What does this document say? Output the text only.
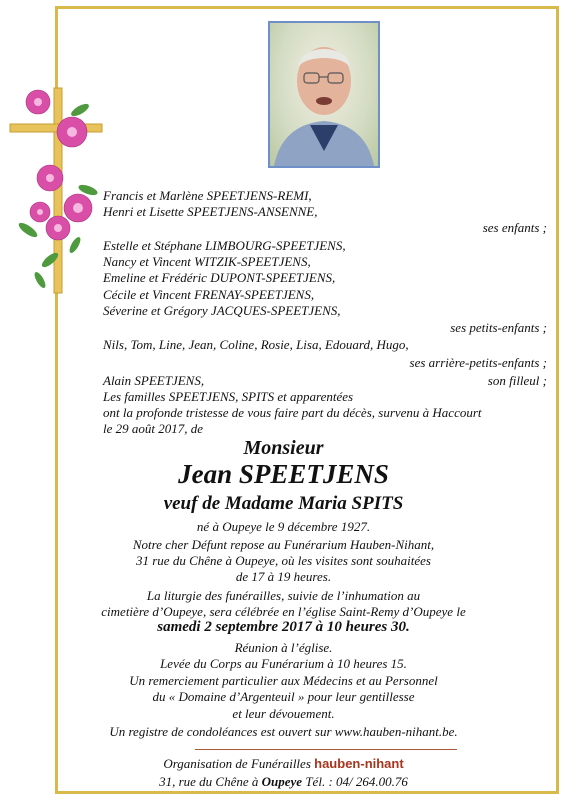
Francis et Marlène SPEETJENS-REMI,
Henri et Lisette SPEETJENS-ANSENNE,
ses enfants ;
Estelle et Stéphane LIMBOURG-SPEETJENS,
Nancy et Vincent WITZIK-SPEETJENS,
Emeline et Frédéric DUPONT-SPEETJENS,
Cécile et Vincent FRENAY-SPEETJENS,
Séverine et Grégory JACQUES-SPEETJENS,
ses petits-enfants ;
Nils, Tom, Line, Jean, Coline, Rosie, Lisa, Edouard, Hugo,
ses arrière-petits-enfants ;
Alain SPEETJENS,	son filleul ;
Les familles SPEETJENS, SPITS et apparentées
ont la profonde tristesse de vous faire part du décès, survenu à Haccourt
le 29 août 2017, de
Monsieur
Jean SPEETJENS
veuf de Madame Maria SPITS
né à Oupeye le 9 décembre 1927.
Notre cher Défunt repose au Funérarium Hauben-Nihant,
31 rue du Chêne à Oupeye, où les visites sont souhaitées
de 17 à 19 heures.
La liturgie des funérailles, suivie de l’inhumation au
cimetière d’Oupeye, sera célébrée en l’église Saint-Remy d’Oupeye le
samedi 2 septembre 2017 à 10 heures 30.
Réunion à l’église.
Levée du Corps au Funérarium à 10 heures 15.
Un remerciement particulier aux Médecins et au Personnel
du « Domaine d’Argenteuil » pour leur gentillesse
et leur dévouement.
Un registre de condoléances est ouvert sur www.hauben-nihant.be.
Organisation de Funérailles hauben-nihant
31, rue du Chêne à Oupeye Tél. : 04/ 264.00.76
